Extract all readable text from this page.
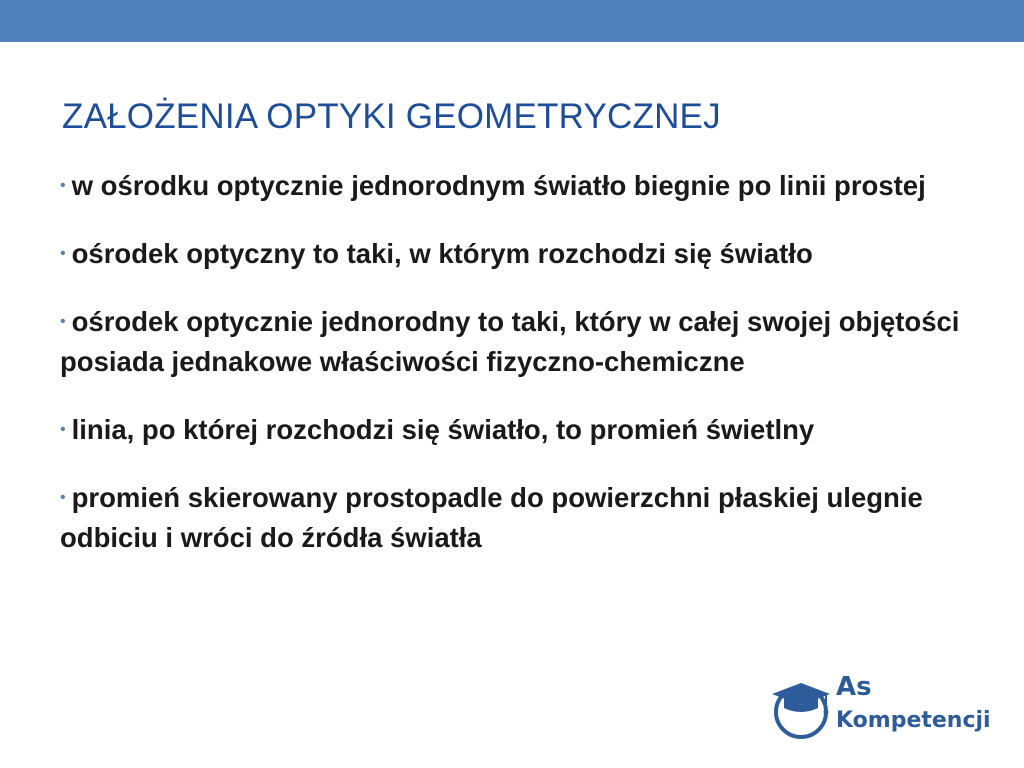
ZAŁOŻENIA OPTYKI GEOMETRYCZNEJ
• w ośrodku optycznie jednorodnym światło biegnie po linii prostej
• ośrodek optyczny to taki, w którym rozchodzi się światło
• ośrodek optycznie jednorodny to taki, który w całej swojej objętości posiada jednakowe właściwości fizyczno-chemiczne
• linia, po której rozchodzi się światło, to promień świetlny
• promień skierowany prostopadle do powierzchni płaskiej ulegnie odbiciu i wróci do źródła światła
As
Kompetencji
